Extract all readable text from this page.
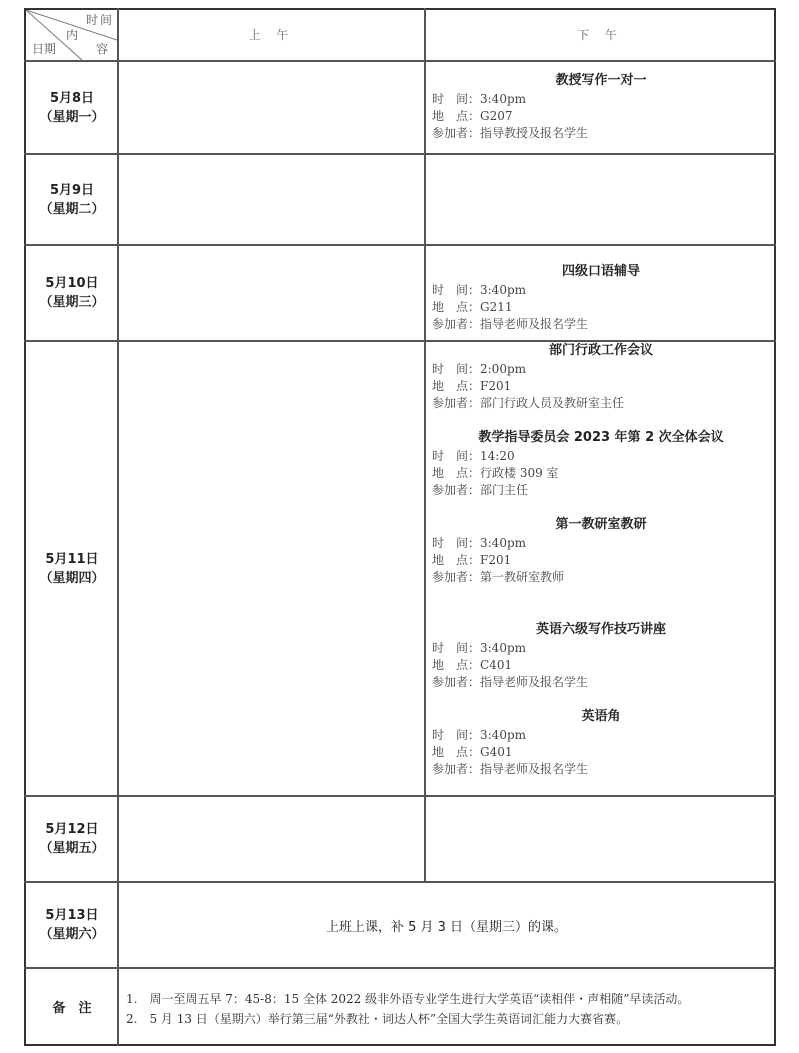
时间
内
容
日期
上 午	下 午
5月8日
（星期一）
5月9日
（星期二）
5月10日
（星期三）
5月11日
（星期四）
5月12日
（星期五）
5月13日
（星期六）
教授写作一对一
时　间：3:40pm
地　点：G207
参加者：指导教授及报名学生
四级口语辅导
时　间：3:40pm
地　点：G211
参加者：指导老师及报名学生
部门行政工作会议
时　间：2:00pm
地　点：F201
参加者：部门行政人员及教研室主任
教学指导委员会 2023 年第 2 次全体会议
时　间：14:20
地　点：行政楼 309 室
参加者：部门主任
第一教研室教研
时　间：3:40pm
地　点：F201
参加者：第一教研室教师
英语六级写作技巧讲座
时　间：3:40pm
地　点：C401
参加者：指导老师及报名学生
英语角
时　间：3:40pm
地　点：G401
参加者：指导老师及报名学生
上班上课，补 5 月 3 日（星期三）的课。
备　注
1.　周一至周五早 7：45-8：15 全体 2022 级非外语专业学生进行大学英语“读相伴・声相随”早读活动。
2.　5 月 13 日（星期六）举行第三届“外教社・词达人杯”全国大学生英语词汇能力大赛省赛。
